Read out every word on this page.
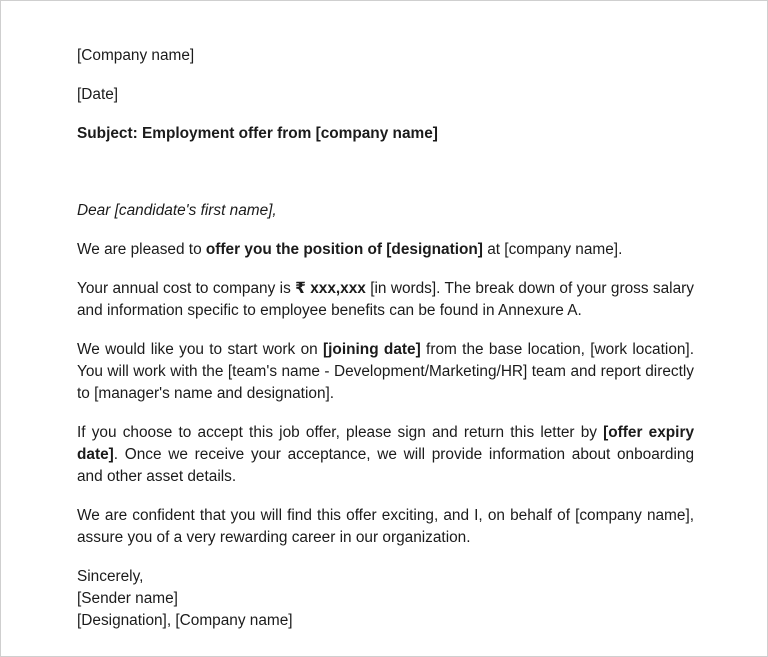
[Company name]

[Date]

Subject: Employment offer from [company name]

Dear [candidate's first name],

We are pleased to offer you the position of [designation] at [company name].

Your annual cost to company is ₹ xxx,xxx [in words]. The break down of your gross salary and information specific to employee benefits can be found in Annexure A.

We would like you to start work on [joining date] from the base location, [work location]. You will work with the [team's name - Development/Marketing/HR] team and report directly to [manager's name and designation].

If you choose to accept this job offer, please sign and return this letter by [offer expiry date]. Once we receive your acceptance, we will provide information about onboarding and other asset details.

We are confident that you will find this offer exciting, and I, on behalf of [company name], assure you of a very rewarding career in our organization.

Sincerely,

[Sender name]

[Designation], [Company name]
